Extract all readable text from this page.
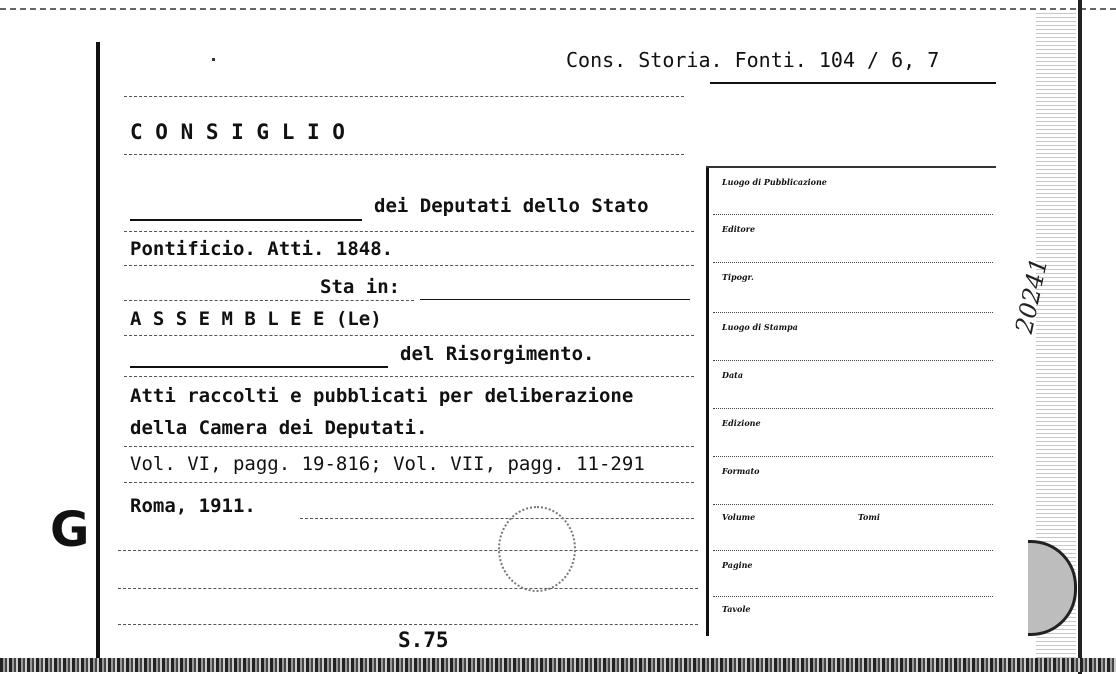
G
Cons. Storia. Fonti. 104 / 6, 7
C O N S I G L I O
dei Deputati dello Stato
Pontificio. Atti. 1848.
Sta in:
A S S E M B L E E (Le)
del Risorgimento.
Atti raccolti e pubblicati per deliberazione
della Camera dei Deputati.
Vol. VI, pagg. 19-816; Vol. VII, pagg. 11-291
Roma, 1911.
S.75
Luogo di Pubblicazione
Editore
Tipogr.
Luogo di Stampa
Data
Edizione
Formato
Volume	Tomi
Pagine
Tavole
20241
